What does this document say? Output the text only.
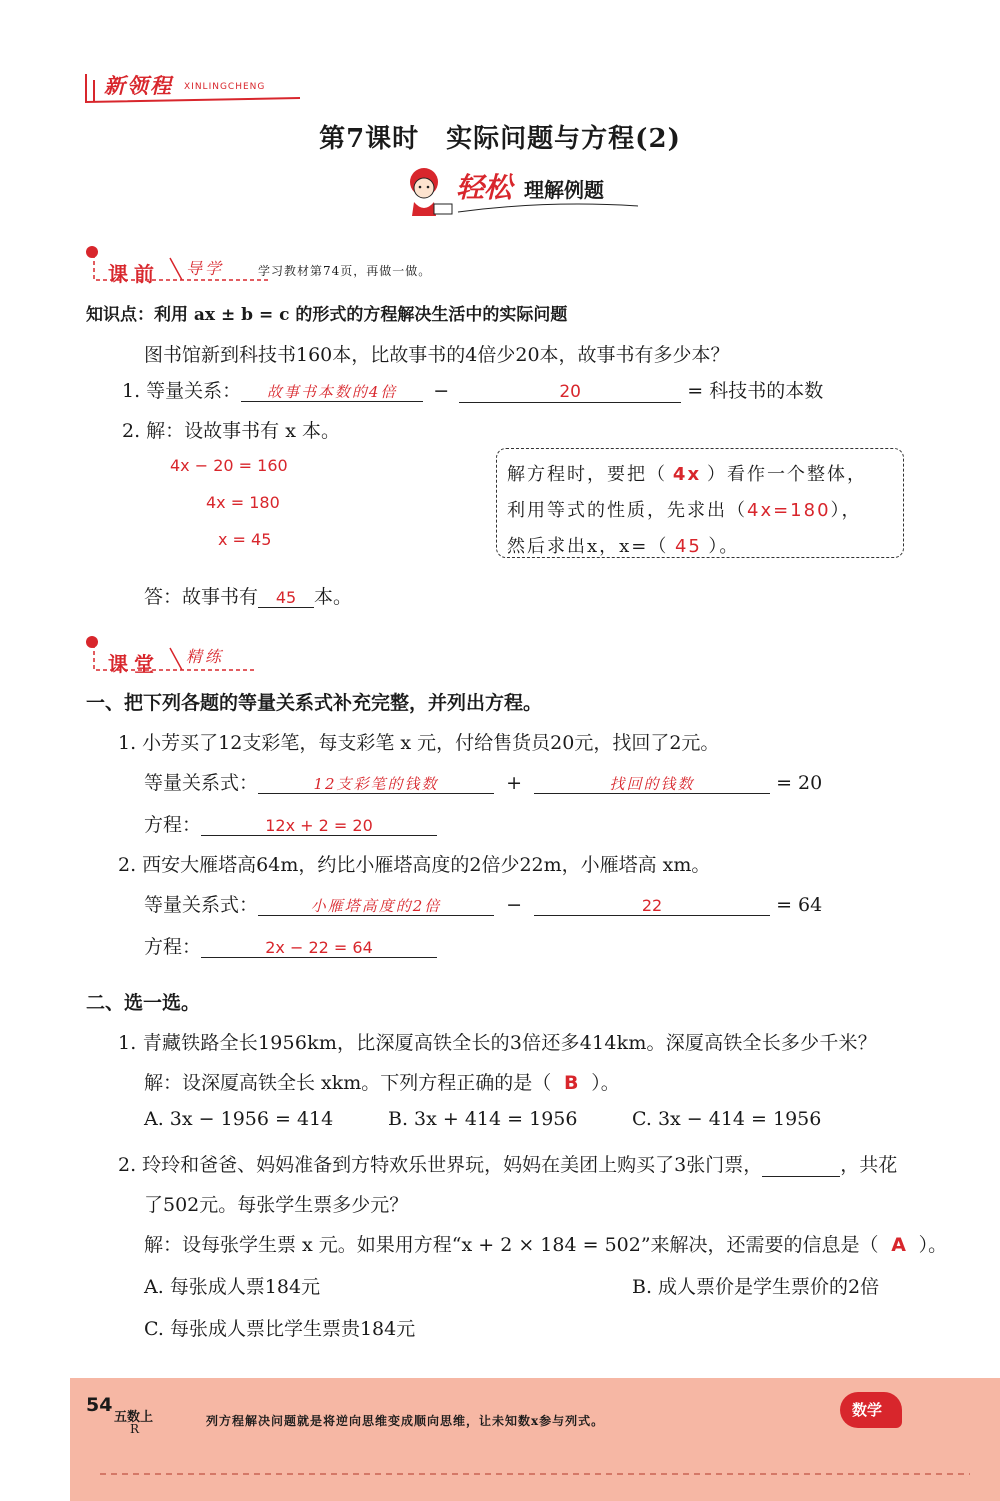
新领程 XINLINGCHENG
第7课时　实际问题与方程(2)
轻松 理解例题
课前 导学	学习教材第74页，再做一做。
知识点：利用 ax ± b = c 的形式的方程解决生活中的实际问题
图书馆新到科技书160本，比故事书的4倍少20本，故事书有多少本？
1. 等量关系： 故事书本数的4倍 −	20	= 科技书的本数
2. 解：设故事书有 x 本。
4x − 20 = 160
4x = 180
x = 45
解方程时，要把（ 4x ）看作一个整体，
利用等式的性质，先求出（4x=180），
然后求出x，x=（ 45 ）。
答：故事书有 45 本。
课堂 精练
一、把下列各题的等量关系式补充完整，并列出方程。
1. 小芳买了12支彩笔，每支彩笔 x 元，付给售货员20元，找回了2元。
等量关系式：	12支彩笔的钱数	+	找回的钱数	= 20
方程：	12x + 2 = 20
2. 西安大雁塔高64m，约比小雁塔高度的2倍少22m，小雁塔高 xm。
等量关系式：	小雁塔高度的2倍	−	22	= 64
方程：	2x − 22 = 64
二、选一选。
1. 青藏铁路全长1956km，比深厦高铁全长的3倍还多414km。深厦高铁全长多少千米？
解：设深厦高铁全长 xkm。下列方程正确的是（ B ）。
A. 3x − 1956 = 414	B. 3x + 414 = 1956	C. 3x − 414 = 1956
2. 玲玲和爸爸、妈妈准备到方特欢乐世界玩，妈妈在美团上购买了3张门票，	，共花
了502元。每张学生票多少元？
解：设每张学生票 x 元。如果用方程“x + 2 × 184 = 502”来解决，还需要的信息是（ A ）。
A. 每张成人票184元	B. 成人票价是学生票价的2倍
C. 每张成人票比学生票贵184元
54
五数上
R
列方程解决问题就是将逆向思维变成顺向思维，让未知数x参与列式。
数学
